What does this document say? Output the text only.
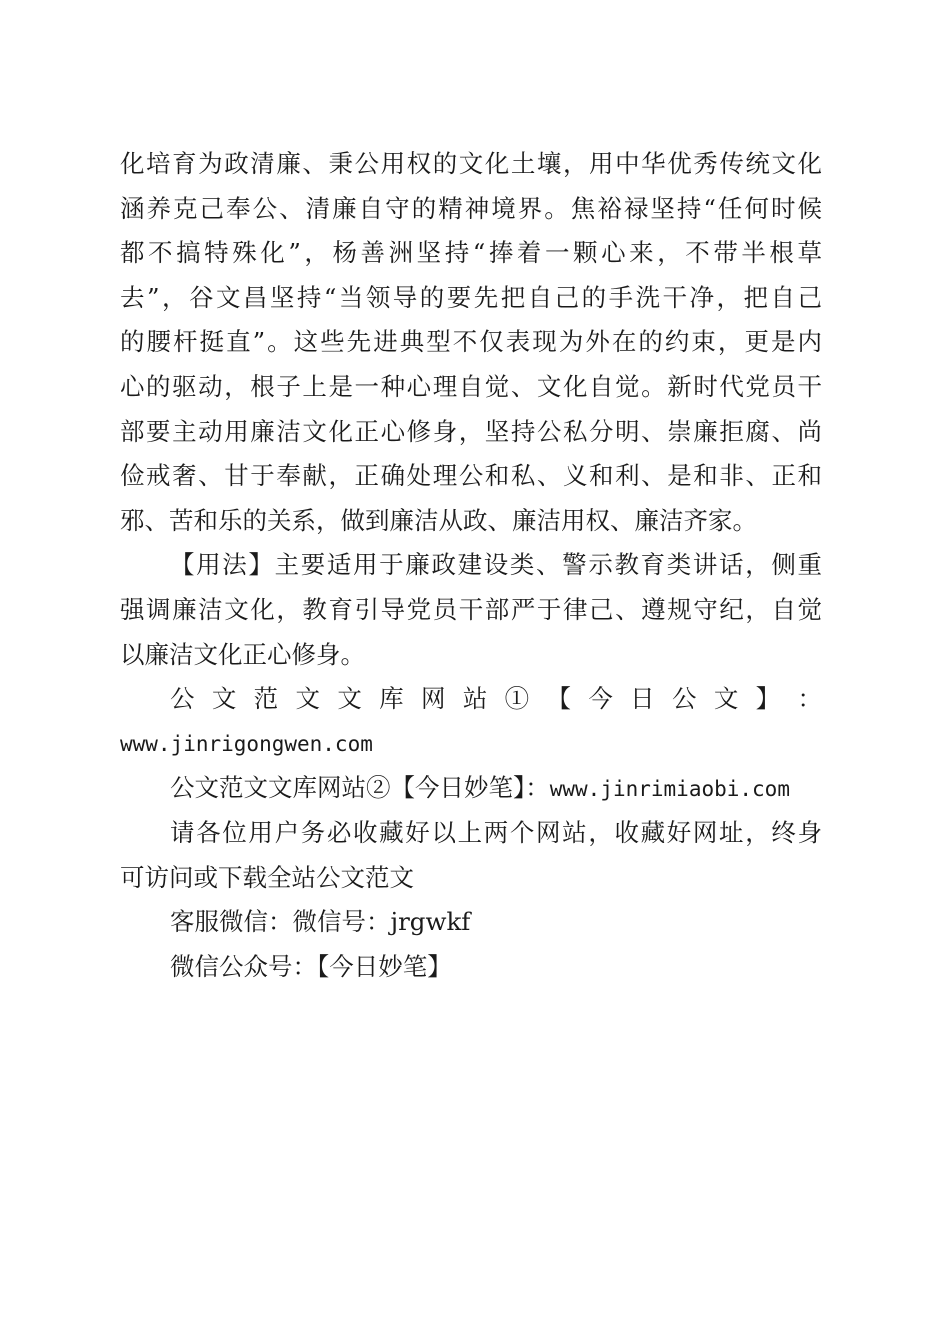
化培育为政清廉、秉公用权的文化土壤，用中华优秀传统文化
涵养克己奉公、清廉自守的精神境界。焦裕禄坚持“任何时候
都不搞特殊化”，杨善洲坚持“捧着一颗心来，不带半根草
去”，谷文昌坚持“当领导的要先把自己的手洗干净，把自己
的腰杆挺直”。这些先进典型不仅表现为外在的约束，更是内
心的驱动，根子上是一种心理自觉、文化自觉。新时代党员干
部要主动用廉洁文化正心修身，坚持公私分明、崇廉拒腐、尚
俭戒奢、甘于奉献，正确处理公和私、义和利、是和非、正和
邪、苦和乐的关系，做到廉洁从政、廉洁用权、廉洁齐家。
【用法】主要适用于廉政建设类、警示教育类讲话，侧重
强调廉洁文化，教育引导党员干部严于律己、遵规守纪，自觉
以廉洁文化正心修身。
公 文 范 文 文 库 网 站 ① 【 今 日 公 文 】 ：
www.jinrigongwen.com
公文范文文库网站②【今日妙笔】：www.jinrimiaobi.com
请各位用户务必收藏好以上两个网站，收藏好网址，终身
可访问或下载全站公文范文
客服微信：微信号：jrgwkf
微信公众号：【今日妙笔】
